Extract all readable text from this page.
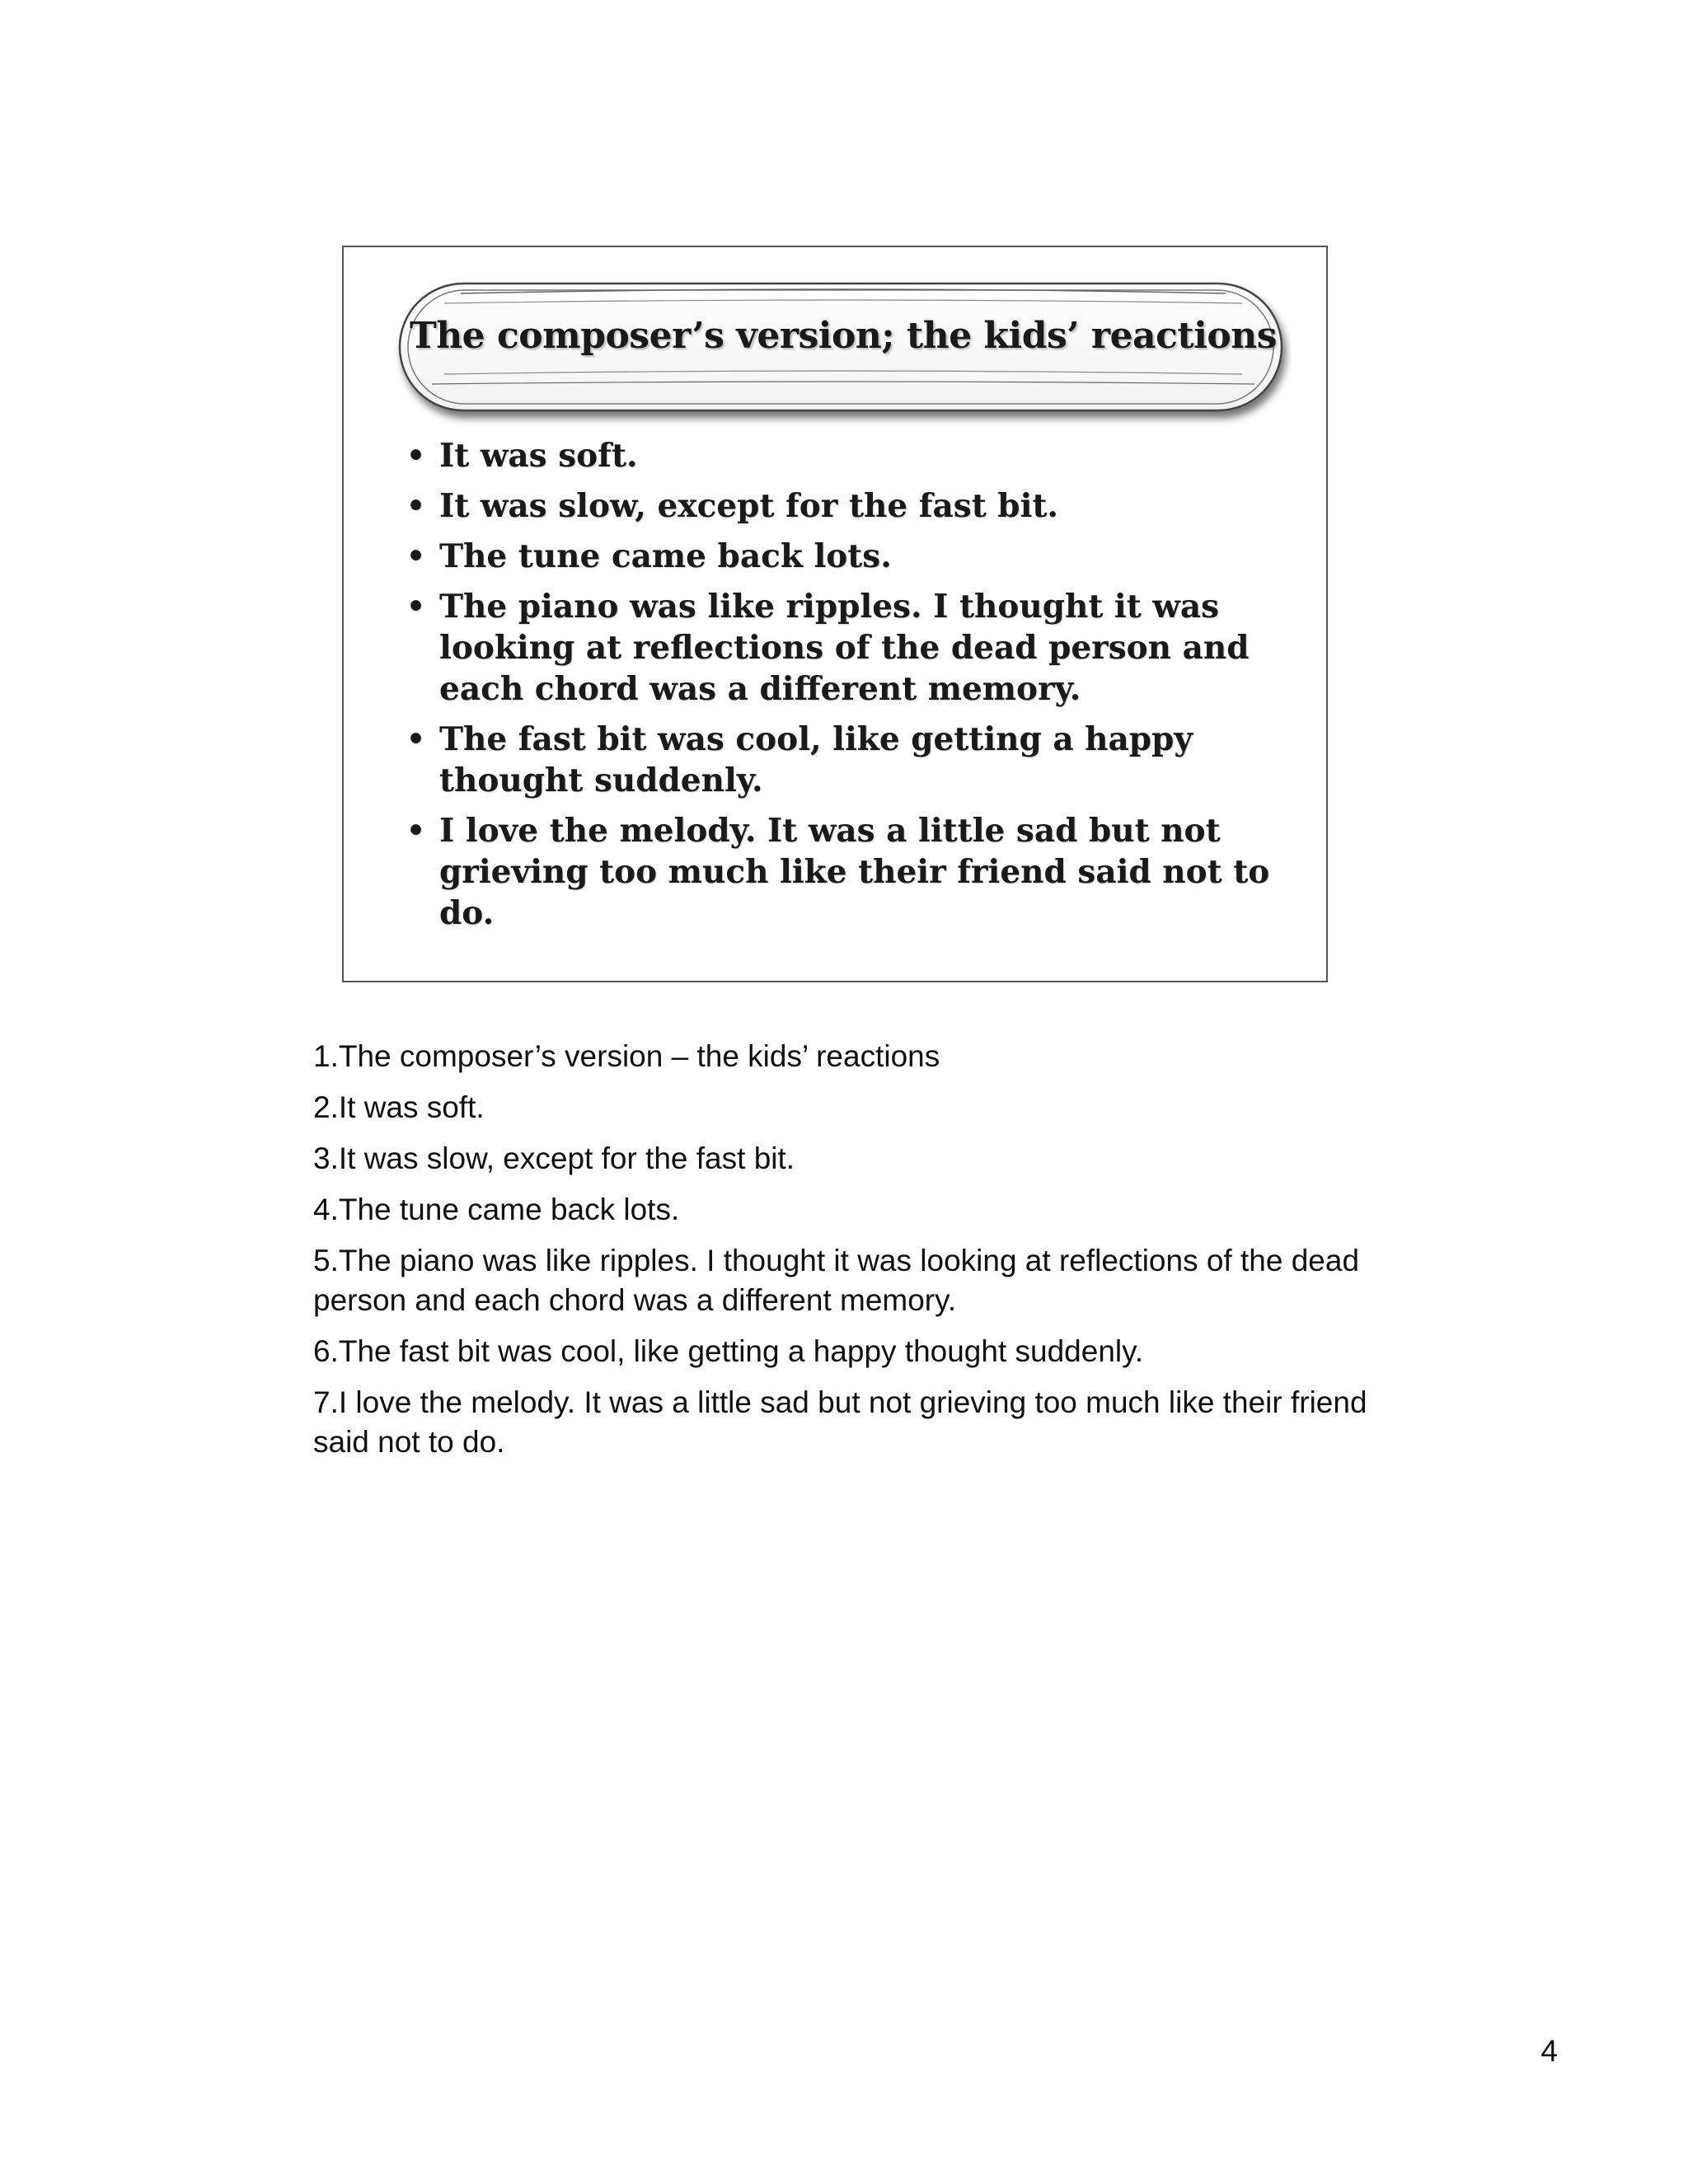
The composer’s version; the kids’ reactions
• It was soft.
• It was slow, except for the fast bit.
• The tune came back lots.
• The piano was like ripples. I thought it was looking at reflections of the dead person and each chord was a different memory.
• The fast bit was cool, like getting a happy thought suddenly.
• I love the melody. It was a little sad but not grieving too much like their friend said not to do.
1.The composer’s version – the kids’ reactions
2.It was soft.
3.It was slow, except for the fast bit.
4.The tune came back lots.
5.The piano was like ripples. I thought it was looking at reflections of the dead person and each chord was a different memory.
6.The fast bit was cool, like getting a happy thought suddenly.
7.I love the melody. It was a little sad but not grieving too much like their friend said not to do.
4
